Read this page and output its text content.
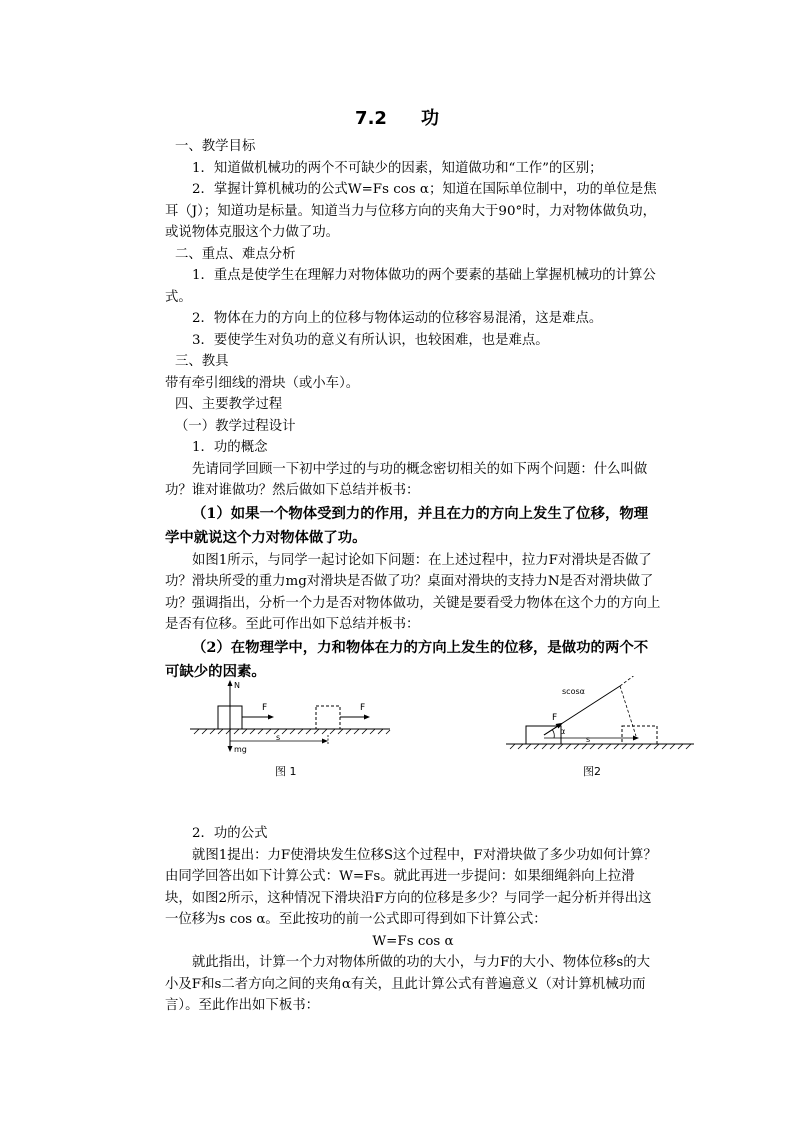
7.2 功

一、教学目标

1．知道做机械功的两个不可缺少的因素，知道做功和“工作”的区别；

2．掌握计算机械功的公式W=Fs cos α；知道在国际单位制中，功的单位是焦耳（J）；知道功是标量。知道当力与位移方向的夹角大于90°时，力对物体做负功，或说物体克服这个力做了功。

二、重点、难点分析

1．重点是使学生在理解力对物体做功的两个要素的基础上掌握机械功的计算公式。

2．物体在力的方向上的位移与物体运动的位移容易混淆，这是难点。

3．要使学生对负功的意义有所认识，也较困难，也是难点。

三、教具

带有牵引细线的滑块（或小车）。

四、主要教学过程

（一）教学过程设计

1．功的概念

先请同学回顾一下初中学过的与功的概念密切相关的如下两个问题：什么叫做功？谁对谁做功？然后做如下总结并板书：

（1）如果一个物体受到力的作用，并且在力的方向上发生了位移，物理学中就说这个力对物体做了功。

如图1所示，与同学一起讨论如下问题：在上述过程中，拉力F对滑块是否做了功？滑块所受的重力mg对滑块是否做了功？桌面对滑块的支持力N是否对滑块做了功？强调指出，分析一个力是否对物体做功，关键是要看受力物体在这个力的方向上是否有位移。至此可作出如下总结并板书：

（2）在物理学中，力和物体在力的方向上发生的位移，是做功的两个不可缺少的因素。

N
F	F
mg
s
图 1
scosα
F
α
s
图2

2．功的公式

就图1提出：力F使滑块发生位移S这个过程中，F对滑块做了多少功如何计算？由同学回答出如下计算公式：W=Fs。就此再进一步提问：如果细绳斜向上拉滑块，如图2所示，这种情况下滑块沿F方向的位移是多少？与同学一起分析并得出这一位移为s cos α。至此按功的前一公式即可得到如下计算公式：

W=Fs cos α

就此指出，计算一个力对物体所做的功的大小，与力F的大小、物体位移s的大小及F和s二者方向之间的夹角α有关，且此计算公式有普遍意义（对计算机械功而言）。至此作出如下板书：
